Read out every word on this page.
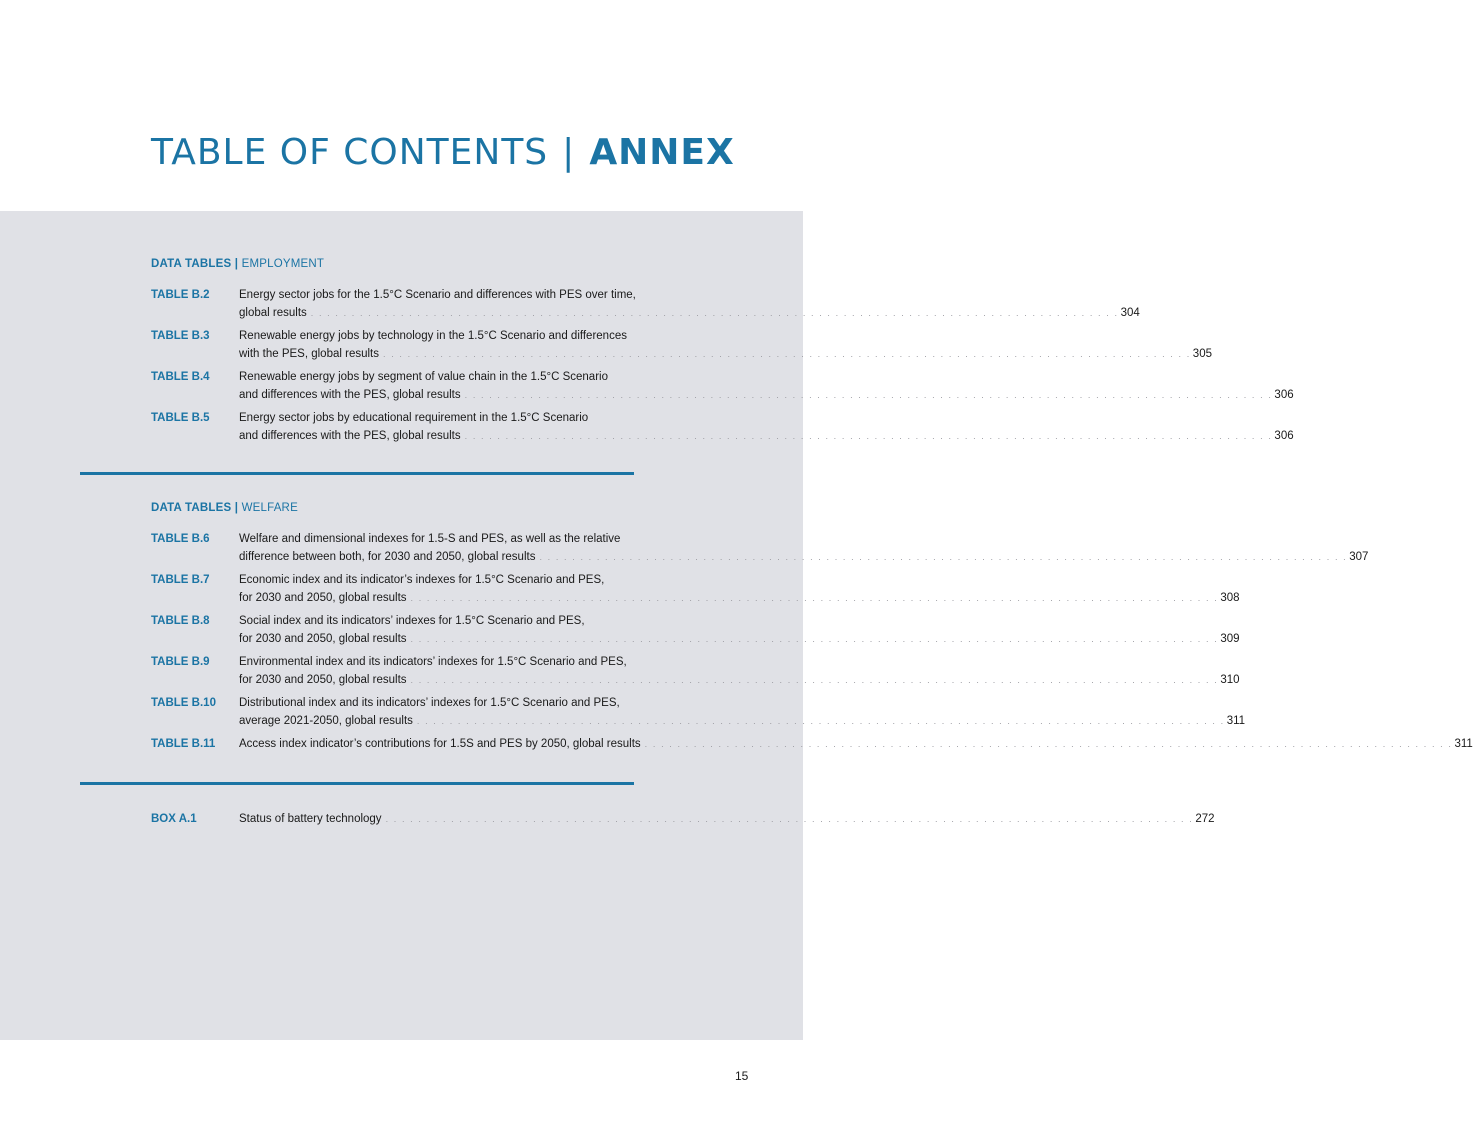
TABLE OF CONTENTS | ANNEX
DATA TABLES | EMPLOYMENT
TABLE B.2	Energy sector jobs for the 1.5°C Scenario and differences with PES over time,
global results . . . . . . . . . . . . . . . . . . . . . . . . . . . . . . . . . . . . . . . . . . . . . . . . . . . . . . . . . . . . . . . . . . . . . . . . . . . . . . . . . . . . . . . . . . . . . . . . . . . 304
TABLE B.3	Renewable energy jobs by technology in the 1.5°C Scenario and differences
with the PES, global results . . . . . . . . . . . . . . . . . . . . . . . . . . . . . . . . . . . . . . . . . . . . . . . . . . . . . . . . . . . . . . . . . . . . . . . . . . . . . . . . . . . . . . . . . . . . . . . . . . . 305
TABLE B.4	Renewable energy jobs by segment of value chain in the 1.5°C Scenario
and differences with the PES, global results . . . . . . . . . . . . . . . . . . . . . . . . . . . . . . . . . . . . . . . . . . . . . . . . . . . . . . . . . . . . . . . . . . . . . . . . . . . . . . . . . . . . . . . . . . . . . . . . . . . 306
TABLE B.5	Energy sector jobs by educational requirement in the 1.5°C Scenario
and differences with the PES, global results . . . . . . . . . . . . . . . . . . . . . . . . . . . . . . . . . . . . . . . . . . . . . . . . . . . . . . . . . . . . . . . . . . . . . . . . . . . . . . . . . . . . . . . . . . . . . . . . . . . 306
DATA TABLES | WELFARE
TABLE B.6	Welfare and dimensional indexes for 1.5-S and PES, as well as the relative
difference between both, for 2030 and 2050, global results . . . . . . . . . . . . . . . . . . . . . . . . . . . . . . . . . . . . . . . . . . . . . . . . . . . . . . . . . . . . . . . . . . . . . . . . . . . . . . . . . . . . . . . . . . . . . . . . . . . 307
TABLE B.7	Economic index and its indicator’s indexes for 1.5°C Scenario and PES,
for 2030 and 2050, global results . . . . . . . . . . . . . . . . . . . . . . . . . . . . . . . . . . . . . . . . . . . . . . . . . . . . . . . . . . . . . . . . . . . . . . . . . . . . . . . . . . . . . . . . . . . . . . . . . . . 308
TABLE B.8	Social index and its indicators’ indexes for 1.5°C Scenario and PES,
for 2030 and 2050, global results . . . . . . . . . . . . . . . . . . . . . . . . . . . . . . . . . . . . . . . . . . . . . . . . . . . . . . . . . . . . . . . . . . . . . . . . . . . . . . . . . . . . . . . . . . . . . . . . . . . 309
TABLE B.9	Environmental index and its indicators’ indexes for 1.5°C Scenario and PES,
for 2030 and 2050, global results . . . . . . . . . . . . . . . . . . . . . . . . . . . . . . . . . . . . . . . . . . . . . . . . . . . . . . . . . . . . . . . . . . . . . . . . . . . . . . . . . . . . . . . . . . . . . . . . . . . 310
TABLE B.10	Distributional index and its indicators’ indexes for 1.5°C Scenario and PES,
average 2021-2050, global results . . . . . . . . . . . . . . . . . . . . . . . . . . . . . . . . . . . . . . . . . . . . . . . . . . . . . . . . . . . . . . . . . . . . . . . . . . . . . . . . . . . . . . . . . . . . . . . . . . . 311
TABLE B.11	Access index indicator’s contributions for 1.5S and PES by 2050, global results . . . . . . . . . . . . . . . . . . . . . . . . . . . . . . . . . . . . . . . . . . . . . . . . . . . . . . . . . . . . . . . . . . . . . . . . . . . . . . . . . . . . . . . . . . . . . . . . . . . 311
BOX A.1	Status of battery technology . . . . . . . . . . . . . . . . . . . . . . . . . . . . . . . . . . . . . . . . . . . . . . . . . . . . . . . . . . . . . . . . . . . . . . . . . . . . . . . . . . . . . . . . . . . . . . . . . . . 272
15
